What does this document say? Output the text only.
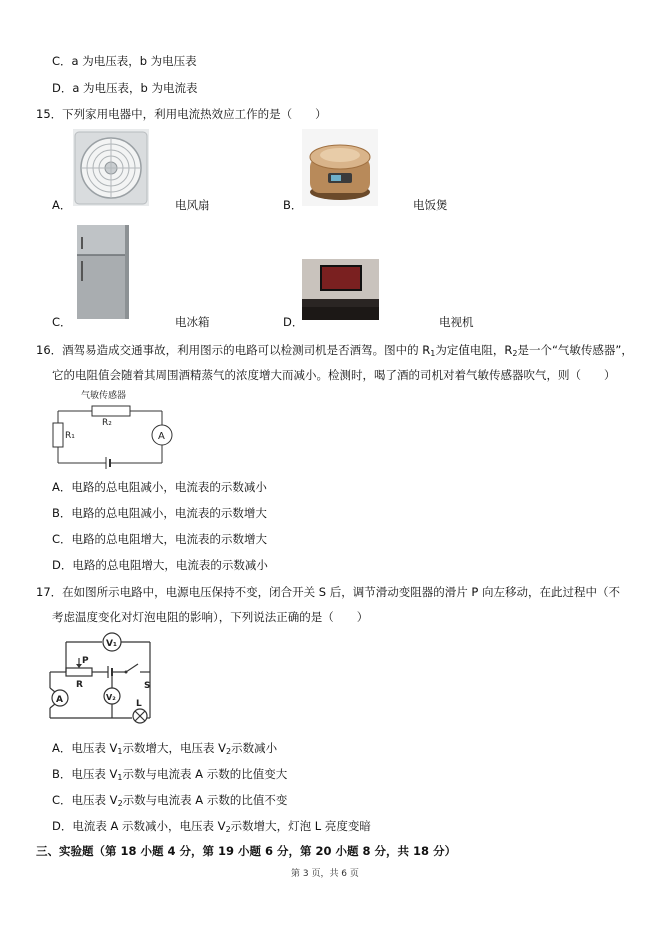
C．a 为电压表，b 为电压表
D．a 为电压表，b 为电流表
15．下列家用电器中，利用电流热效应工作的是（　　）
A．	电风扇	B．	电饭煲
C．	电冰箱	D．	电视机
16．酒驾易造成交通事故，利用图示的电路可以检测司机是否酒驾。图中的 $R_1$为定值电阻，$R_2$是一个“气敏传感器”，
它的电阻值会随着其周围酒精蒸气的浓度增大而减小。检测时，喝了酒的司机对着气敏传感器吹气，则（　　）
气敏传感器
R₂
A
R₁
A．电路的总电阻减小，电流表的示数减小
B．电路的总电阻减小，电流表的示数增大
C．电路的总电阻增大，电流表的示数增大
D．电路的总电阻增大，电流表的示数减小
17．在如图所示电路中，电源电压保持不变，闭合开关 S 后，调节滑动变阻器的滑片 P 向左移动，在此过程中（不
考虑温度变化对灯泡电阻的影响），下列说法正确的是（　　）
V₁
P
R	S
A	V₂
L
A．电压表 $V_1$示数增大，电压表 $V_2$示数减小
B．电压表 $V_1$示数与电流表 A 示数的比值变大
C．电压表 $V_2$示数与电流表 A 示数的比值不变
D．电流表 A 示数减小，电压表 $V_2$示数增大，灯泡 L 亮度变暗
三、实验题（第 18 小题 4 分，第 19 小题 6 分，第 20 小题 8 分，共 18 分）
第 3 页，共 6 页
